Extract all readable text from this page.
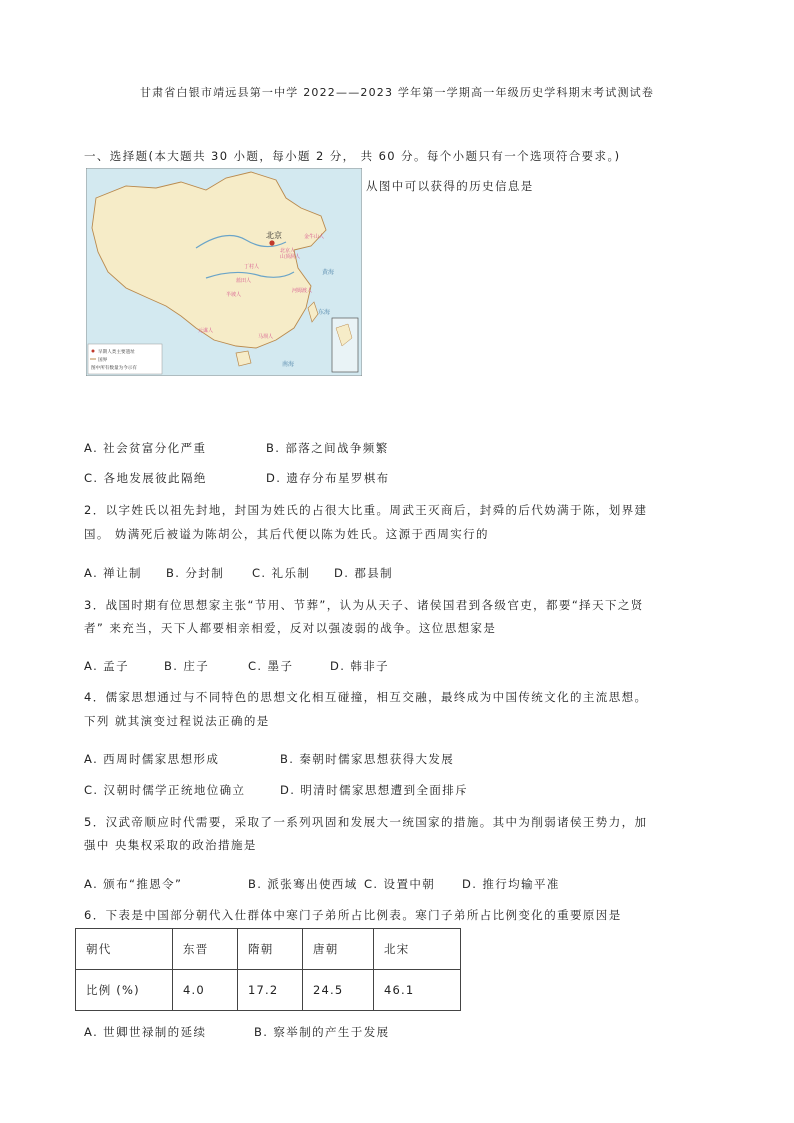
甘肃省白银市靖远县第一中学 2022——2023 学年第一学期高一年级历史学科期末考试测试卷
一、选择题(本大题共 30 小题，每小题 2 分， 共 60 分。每个小题只有一个选项符合要求。)
北京	金牛山人
北京人
山顶洞人
丁村人
蓝田人
元谋人
马坝人
河姆渡人
半坡人
黄海
东海
南海
早期人类主要遗址
国界
图中所有数量为今示有
从图中可以获得的历史信息是
A. 社会贫富分化严重	B. 部落之间战争频繁
C. 各地发展彼此隔绝	D. 遗存分布星罗棋布
2．以字姓氏以祖先封地，封国为姓氏的占很大比重。周武王灭商后，封舜的后代妫满于陈，划界建
国。 妫满死后被谥为陈胡公，其后代便以陈为姓氏。这源于西周实行的
A. 禅让制 B. 分封制 C. 礼乐制 D. 郡县制
3．战国时期有位思想家主张“节用、节葬”，认为从天子、诸侯国君到各级官吏，都要“择天下之贤
者” 来充当，天下人都要相亲相爱，反对以强凌弱的战争。这位思想家是
A. 孟子	B. 庄子	C. 墨子	D. 韩非子
4．儒家思想通过与不同特色的思想文化相互碰撞，相互交融，最终成为中国传统文化的主流思想。
下列 就其演变过程说法正确的是
A. 西周时儒家思想形成	B. 秦朝时儒家思想获得大发展
C. 汉朝时儒学正统地位确立	D. 明清时儒家思想遭到全面排斥
5．汉武帝顺应时代需要，采取了一系列巩固和发展大一统国家的措施。其中为削弱诸侯王势力，加
强中 央集权采取的政治措施是
A. 颁布“推恩令”	B. 派张骞出使西域 C. 设置中朝 D. 推行均输平准
6．下表是中国部分朝代入仕群体中寒门子弟所占比例表。寒门子弟所占比例变化的重要原因是
朝代	东晋	隋朝	唐朝	北宋
比例 (%)	4.0	17.2	24.5	46.1
A. 世卿世禄制的延续	B. 察举制的产生于发展
